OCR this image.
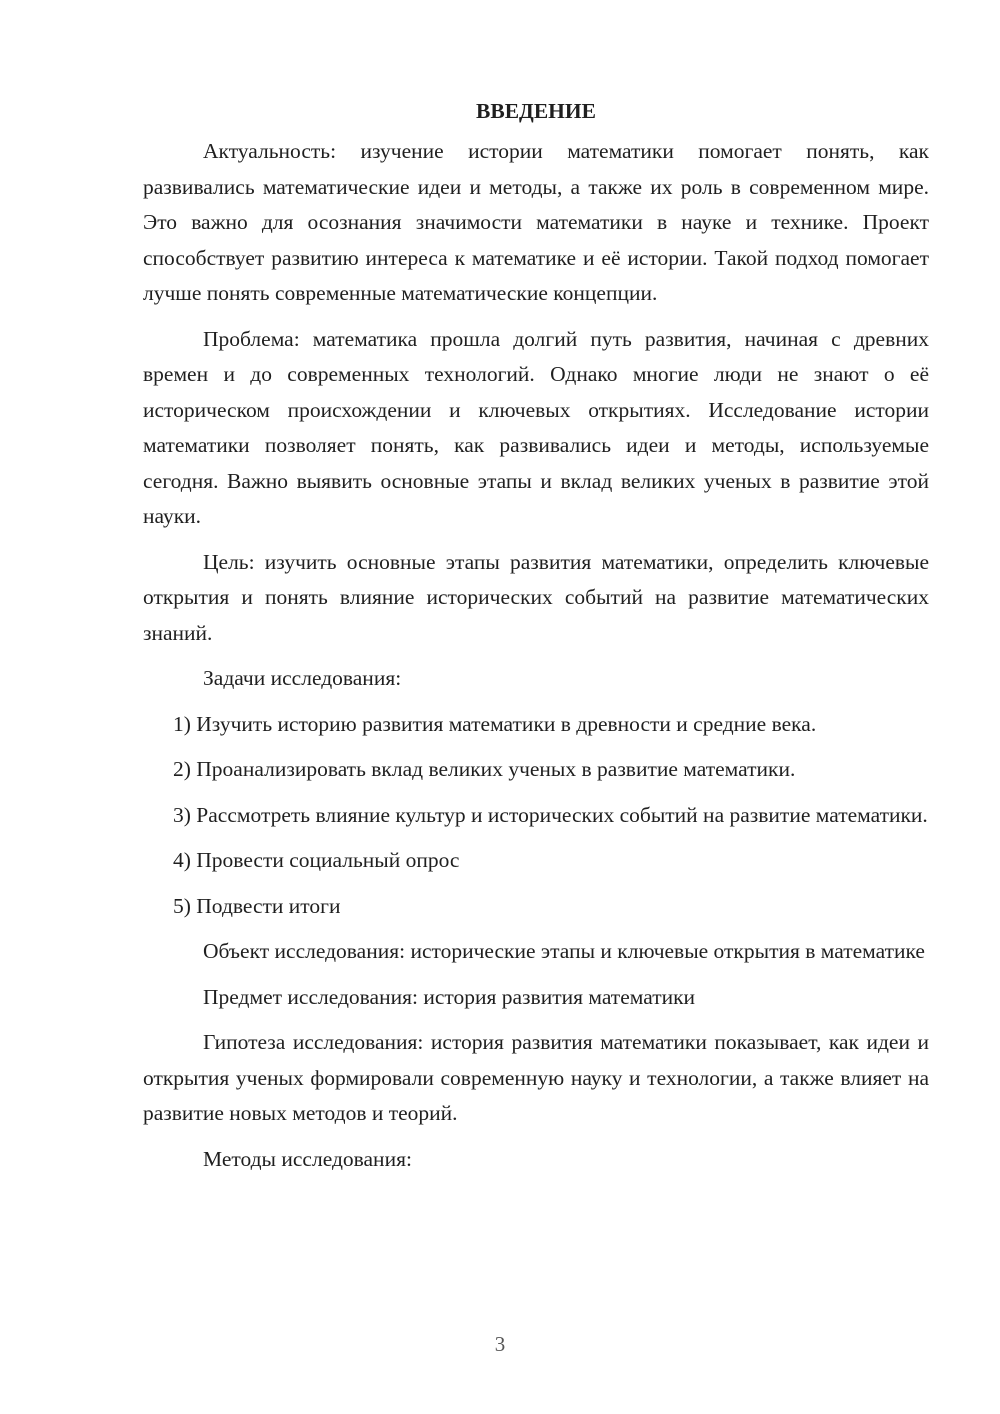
ВВЕДЕНИЕ

Актуальность: изучение истории математики помогает понять, как развивались математические идеи и методы, а также их роль в современном мире. Это важно для осознания значимости математики в науке и технике. Проект способствует развитию интереса к математике и её истории. Такой подход помогает лучше понять современные математические концепции.

Проблема: математика прошла долгий путь развития, начиная с древних времен и до современных технологий. Однако многие люди не знают о её историческом происхождении и ключевых открытиях. Исследование истории математики позволяет понять, как развивались идеи и методы, используемые сегодня. Важно выявить основные этапы и вклад великих ученых в развитие этой науки.

Цель: изучить основные этапы развития математики, определить ключевые открытия и понять влияние исторических событий на развитие математических знаний.

Задачи исследования:

1) Изучить историю развития математики в древности и средние века.

2) Проанализировать вклад великих ученых в развитие математики.

3) Рассмотреть влияние культур и исторических событий на развитие математики.

4) Провести социальный опрос

5) Подвести итоги

Объект исследования: исторические этапы и ключевые открытия в математике

Предмет исследования: история развития математики

Гипотеза исследования: история развития математики показывает, как идеи и открытия ученых формировали современную науку и технологии, а также влияет на развитие новых методов и теорий.

Методы исследования:

3
